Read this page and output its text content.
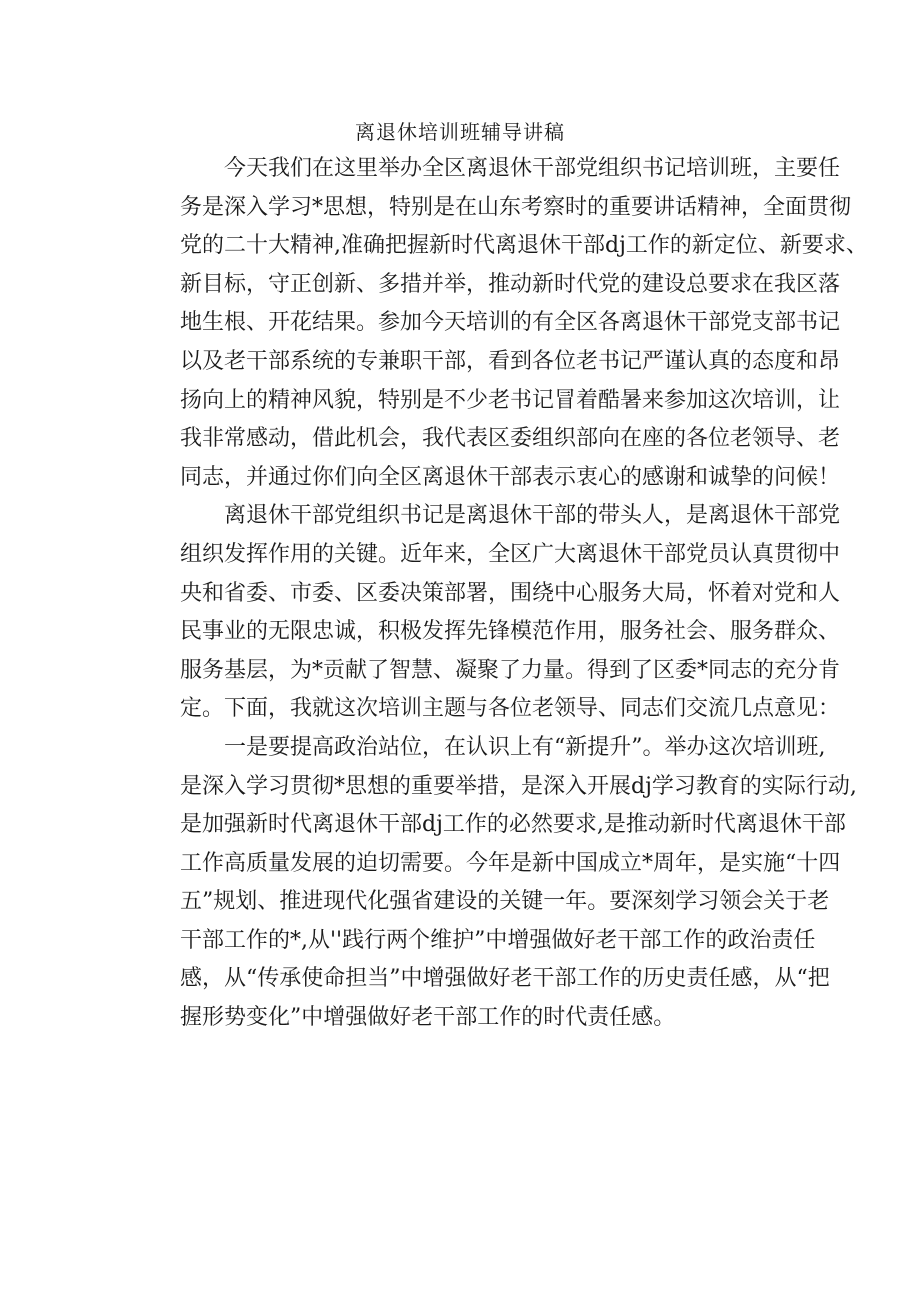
离退休培训班辅导讲稿
今天我们在这里举办全区离退休干部党组织书记培训班，主要任
务是深入学习*思想，特别是在山东考察时的重要讲话精神，全面贯彻
党的二十大精神,准确把握新时代离退休干部dj工作的新定位、新要求、
新目标，守正创新、多措并举，推动新时代党的建设总要求在我区落
地生根、开花结果。参加今天培训的有全区各离退休干部党支部书记
以及老干部系统的专兼职干部，看到各位老书记严谨认真的态度和昂
扬向上的精神风貌，特别是不少老书记冒着酷暑来参加这次培训，让
我非常感动，借此机会，我代表区委组织部向在座的各位老领导、老
同志，并通过你们向全区离退休干部表示衷心的感谢和诚挚的问候！
离退休干部党组织书记是离退休干部的带头人，是离退休干部党
组织发挥作用的关键。近年来，全区广大离退休干部党员认真贯彻中
央和省委、市委、区委决策部署，围绕中心服务大局，怀着对党和人
民事业的无限忠诚，积极发挥先锋模范作用，服务社会、服务群众、
服务基层，为*贡献了智慧、凝聚了力量。得到了区委*同志的充分肯
定。下面，我就这次培训主题与各位老领导、同志们交流几点意见：
一是要提高政治站位，在认识上有“新提升”。举办这次培训班,
是深入学习贯彻*思想的重要举措，是深入开展dj学习教育的实际行动,
是加强新时代离退休干部dj工作的必然要求,是推动新时代离退休干部
工作高质量发展的迫切需要。今年是新中国成立*周年，是实施“十四
五”规划、推进现代化强省建设的关键一年。要深刻学习领会关于老
干部工作的*,从''践行两个维护”中增强做好老干部工作的政治责任
感，从“传承使命担当”中增强做好老干部工作的历史责任感，从“把
握形势变化”中增强做好老干部工作的时代责任感。
